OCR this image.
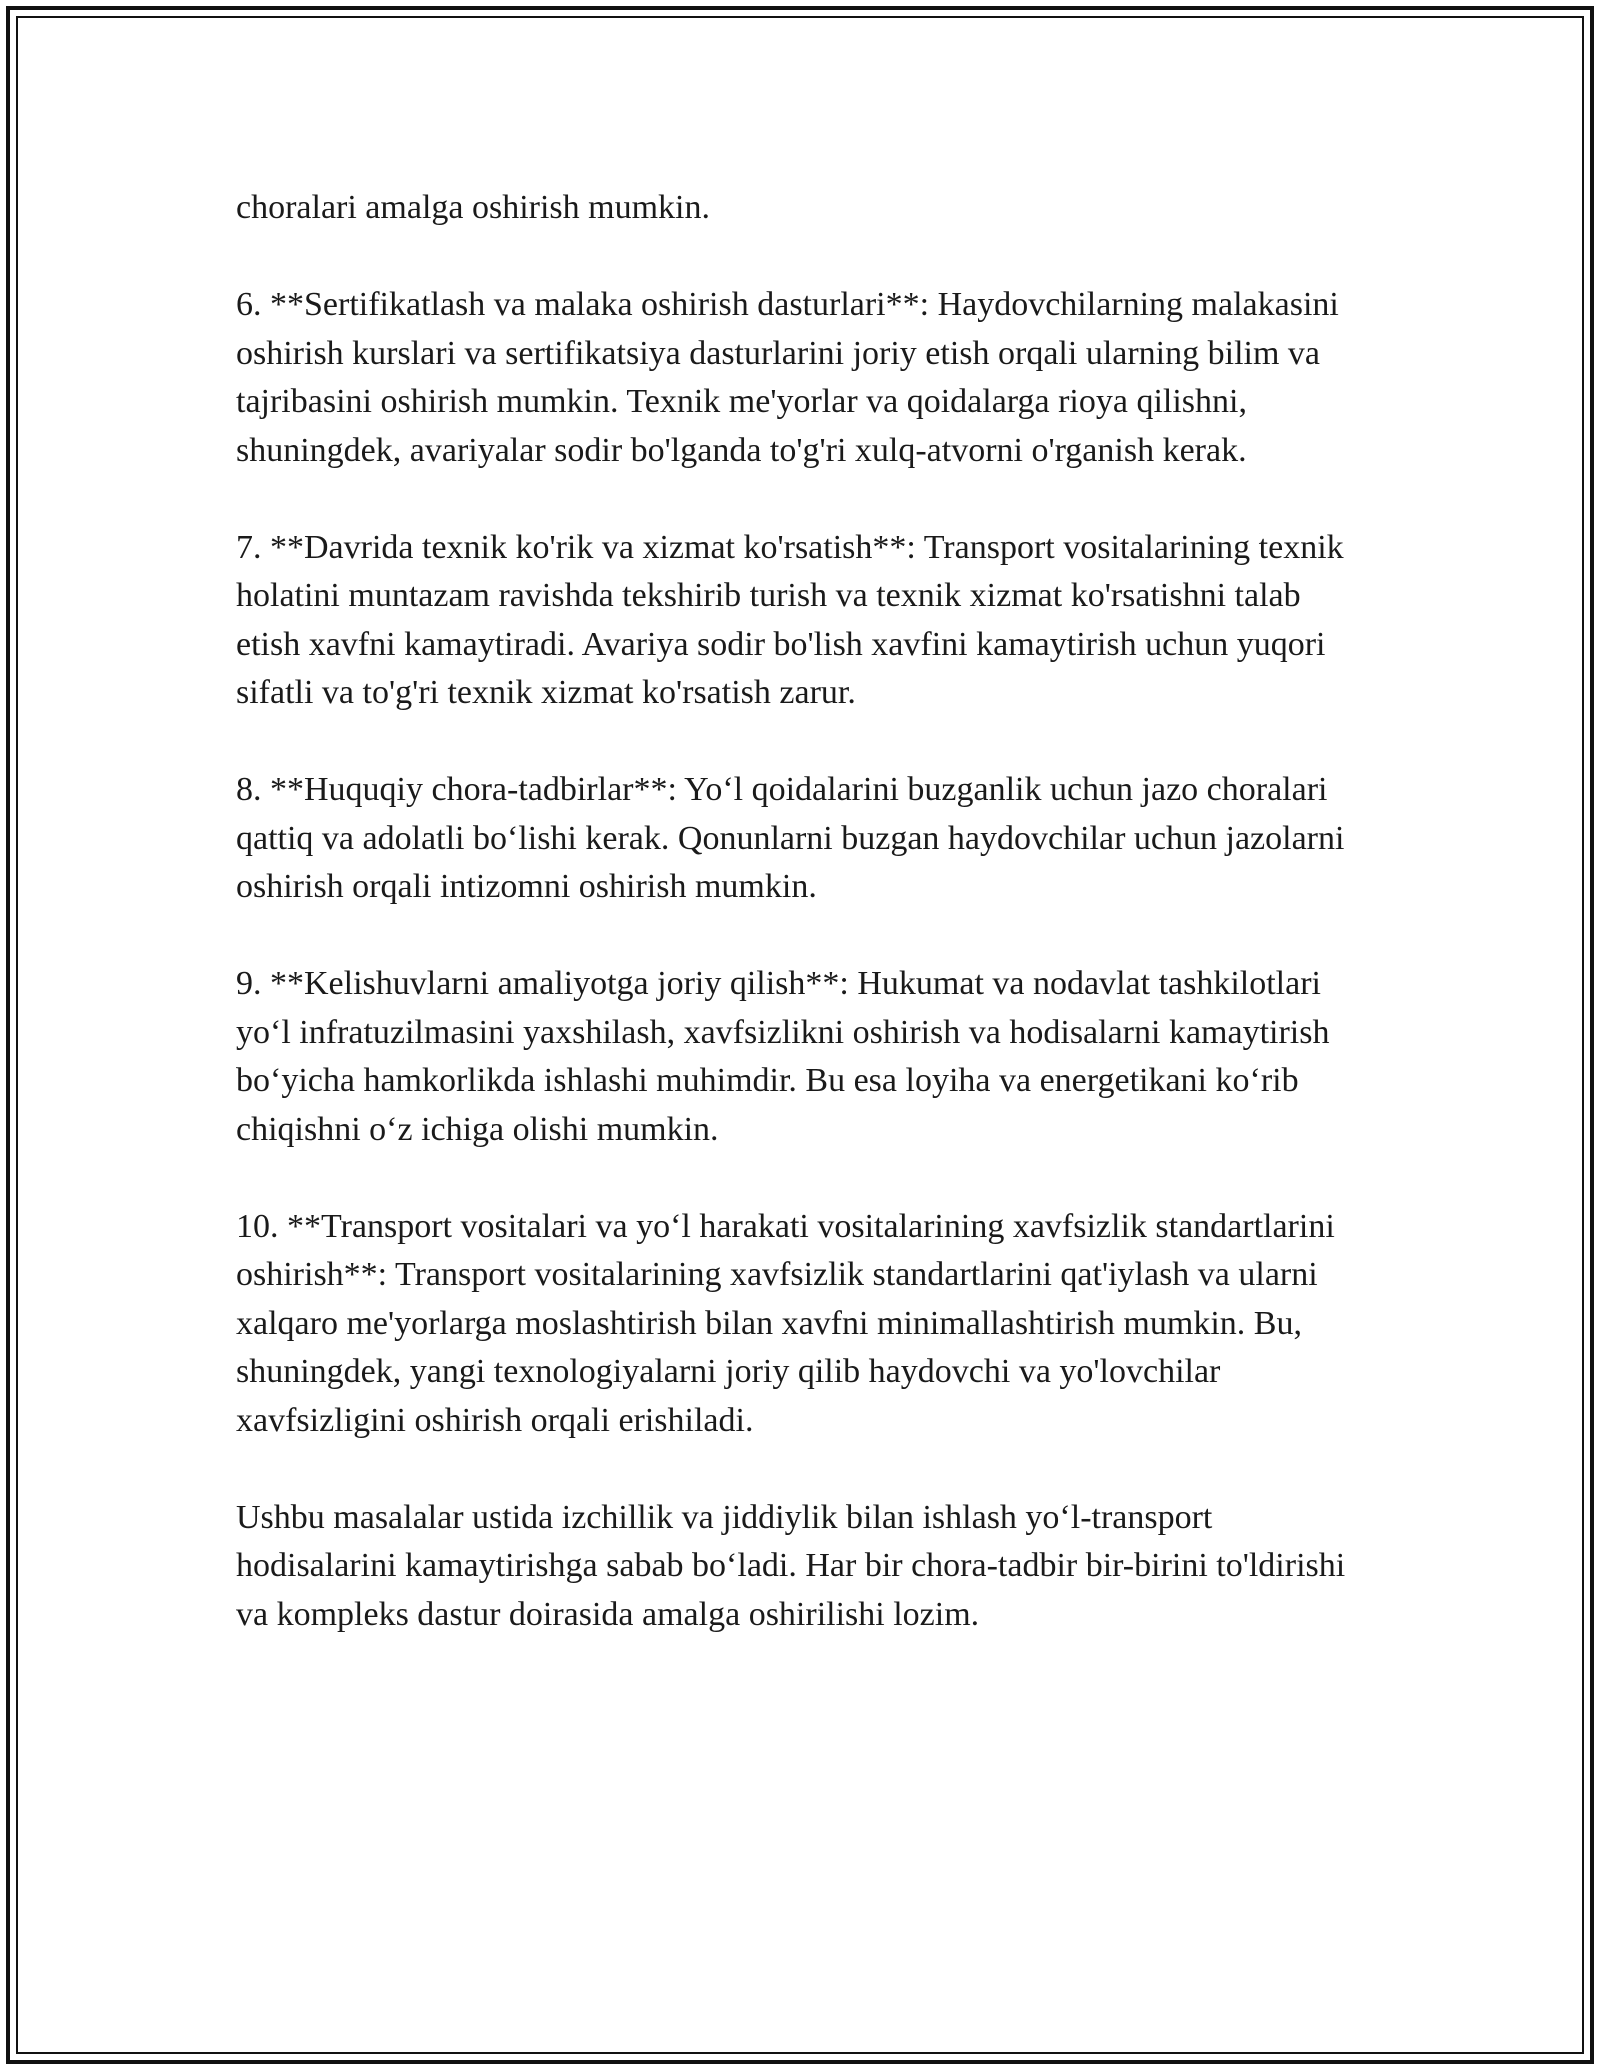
choralari amalga oshirish mumkin.

6. **Sertifikatlash va malaka oshirish dasturlari**: Haydovchilarning malakasini oshirish kurslari va sertifikatsiya dasturlarini joriy etish orqali ularning bilim va tajribasini oshirish mumkin. Texnik me'yorlar va qoidalarga rioya qilishni, shuningdek, avariyalar sodir bo'lganda to'g'ri xulq-atvorni o'rganish kerak.

7. **Davrida texnik ko'rik va xizmat ko'rsatish**: Transport vositalarining texnik holatini muntazam ravishda tekshirib turish va texnik xizmat ko'rsatishni talab etish xavfni kamaytiradi. Avariya sodir bo'lish xavfini kamaytirish uchun yuqori sifatli va to'g'ri texnik xizmat ko'rsatish zarur.

8. **Huquqiy chora-tadbirlar**: Yo‘l qoidalarini buzganlik uchun jazo choralari qattiq va adolatli bo‘lishi kerak. Qonunlarni buzgan haydovchilar uchun jazolarni oshirish orqali intizomni oshirish mumkin.

9. **Kelishuvlarni amaliyotga joriy qilish**: Hukumat va nodavlat tashkilotlari yo‘l infratuzilmasini yaxshilash, xavfsizlikni oshirish va hodisalarni kamaytirish bo‘yicha hamkorlikda ishlashi muhimdir. Bu esa loyiha va energetikani ko‘rib chiqishni o‘z ichiga olishi mumkin.

10. **Transport vositalari va yo‘l harakati vositalarining xavfsizlik standartlarini oshirish**: Transport vositalarining xavfsizlik standartlarini qat'iylash va ularni xalqaro me'yorlarga moslashtirish bilan xavfni minimallashtirish mumkin. Bu, shuningdek, yangi texnologiyalarni joriy qilib haydovchi va yo'lovchilar xavfsizligini oshirish orqali erishiladi.

Ushbu masalalar ustida izchillik va jiddiylik bilan ishlash yo‘l-transport hodisalarini kamaytirishga sabab bo‘ladi. Har bir chora-tadbir bir-birini to'ldirishi va kompleks dastur doirasida amalga oshirilishi lozim.
